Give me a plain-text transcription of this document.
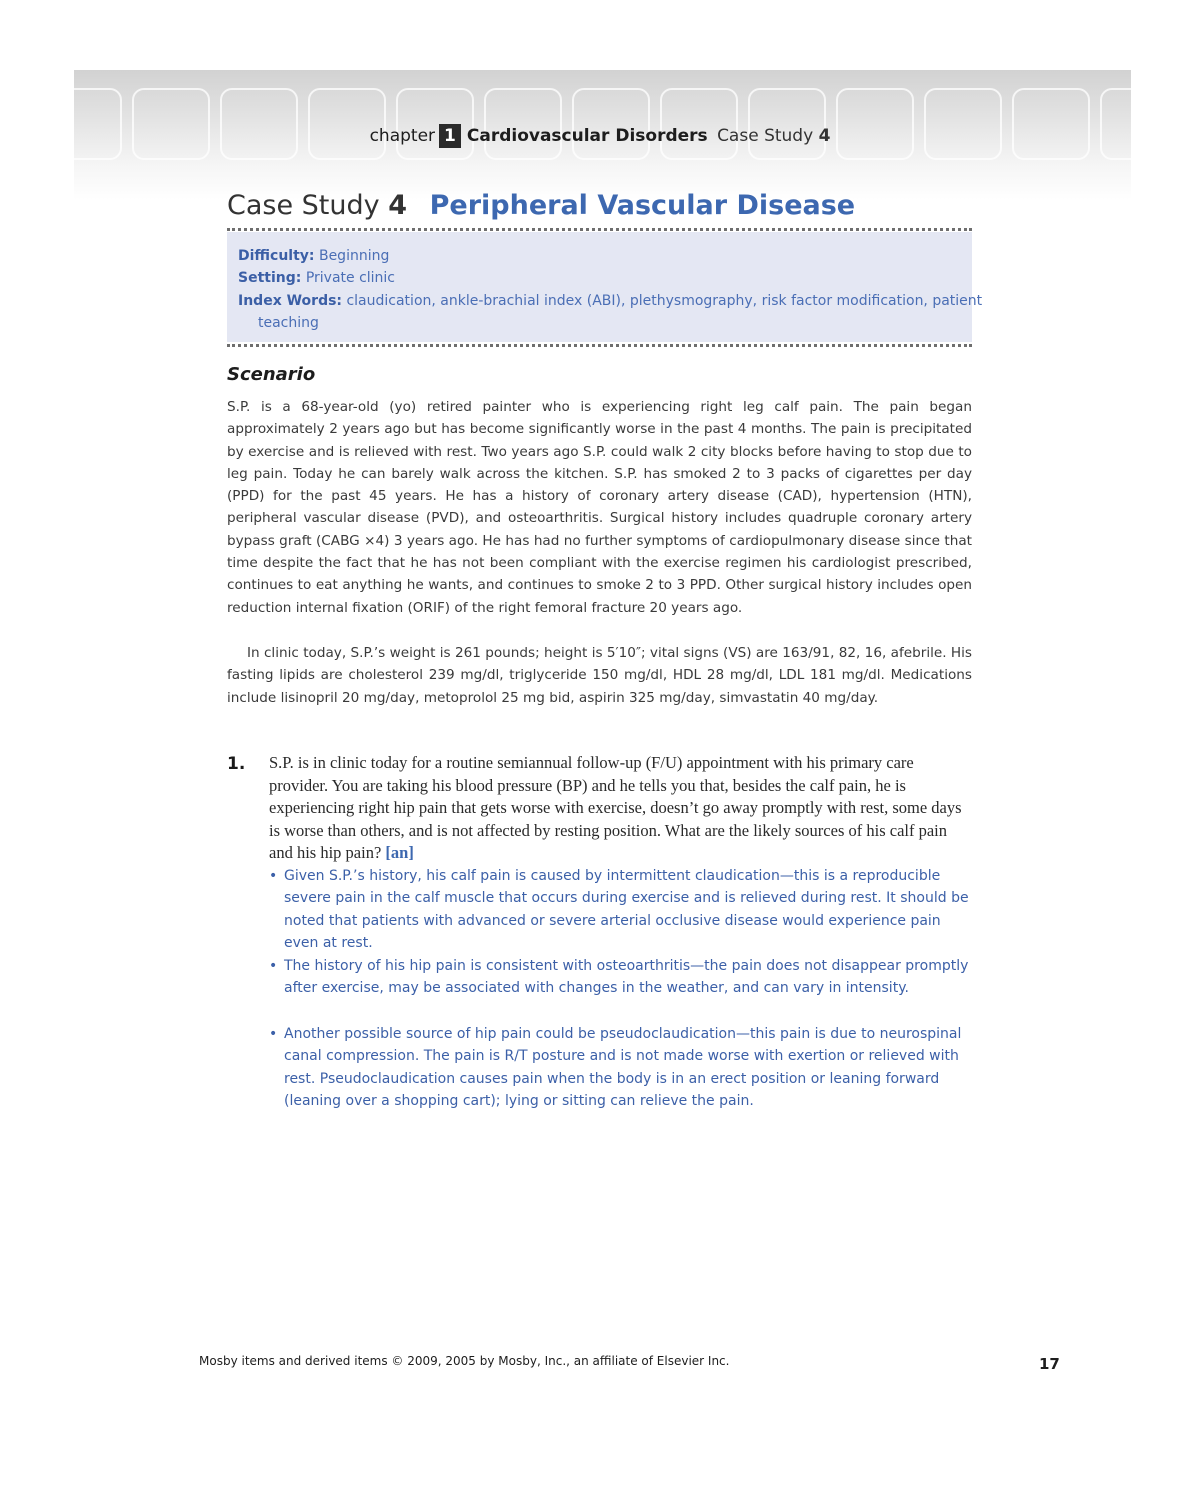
chapter 1 Cardiovascular Disorders Case Study 4
Case Study 4 Peripheral Vascular Disease
Difficulty: Beginning
Setting: Private clinic
Index Words: claudication, ankle-brachial index (ABI), plethysmography, risk factor modification, patient
teaching
Scenario
S.P. is a 68-year-old (yo) retired painter who is experiencing right leg calf pain. The pain began approximately 2 years ago but has become significantly worse in the past 4 months. The pain is precipitated by exercise and is relieved with rest. Two years ago S.P. could walk 2 city blocks before having to stop due to leg pain. Today he can barely walk across the kitchen. S.P. has smoked 2 to 3 packs of cigarettes per day (PPD) for the past 45 years. He has a history of coronary artery disease (CAD), hypertension (HTN), peripheral vascular disease (PVD), and osteoarthritis. Surgical history includes quadruple coronary artery bypass graft (CABG ×4) 3 years ago. He has had no further symptoms of cardiopulmonary disease since that time despite the fact that he has not been compliant with the exercise regimen his cardiologist prescribed, continues to eat anything he wants, and continues to smoke 2 to 3 PPD. Other surgical history includes open reduction internal fixation (ORIF) of the right femoral fracture 20 years ago.
In clinic today, S.P.’s weight is 261 pounds; height is 5′10″; vital signs (VS) are 163/91, 82, 16, afebrile. His fasting lipids are cholesterol 239 mg/dl, triglyceride 150 mg/dl, HDL 28 mg/dl, LDL 181 mg/dl. Medications include lisinopril 20 mg/day, metoprolol 25 mg bid, aspirin 325 mg/day, simvastatin 40 mg/day.
1. S.P. is in clinic today for a routine semiannual follow-up (F/U) appointment with his primary care provider. You are taking his blood pressure (BP) and he tells you that, besides the calf pain, he is experiencing right hip pain that gets worse with exercise, doesn’t go away promptly with rest, some days is worse than others, and is not affected by resting position. What are the likely sources of his calf pain and his hip pain? [an]
• Given S.P.’s history, his calf pain is caused by intermittent claudication—this is a reproducible severe pain in the calf muscle that occurs during exercise and is relieved during rest. It should be noted that patients with advanced or severe arterial occlusive disease would experience pain even at rest.
• The history of his hip pain is consistent with osteoarthritis—the pain does not disappear promptly after exercise, may be associated with changes in the weather, and can vary in intensity.
• Another possible source of hip pain could be pseudoclaudication—this pain is due to neurospinal canal compression. The pain is R/T posture and is not made worse with exertion or relieved with rest. Pseudoclaudication causes pain when the body is in an erect position or leaning forward (leaning over a shopping cart); lying or sitting can relieve the pain.
Mosby items and derived items © 2009, 2005 by Mosby, Inc., an affiliate of Elsevier Inc.	17
